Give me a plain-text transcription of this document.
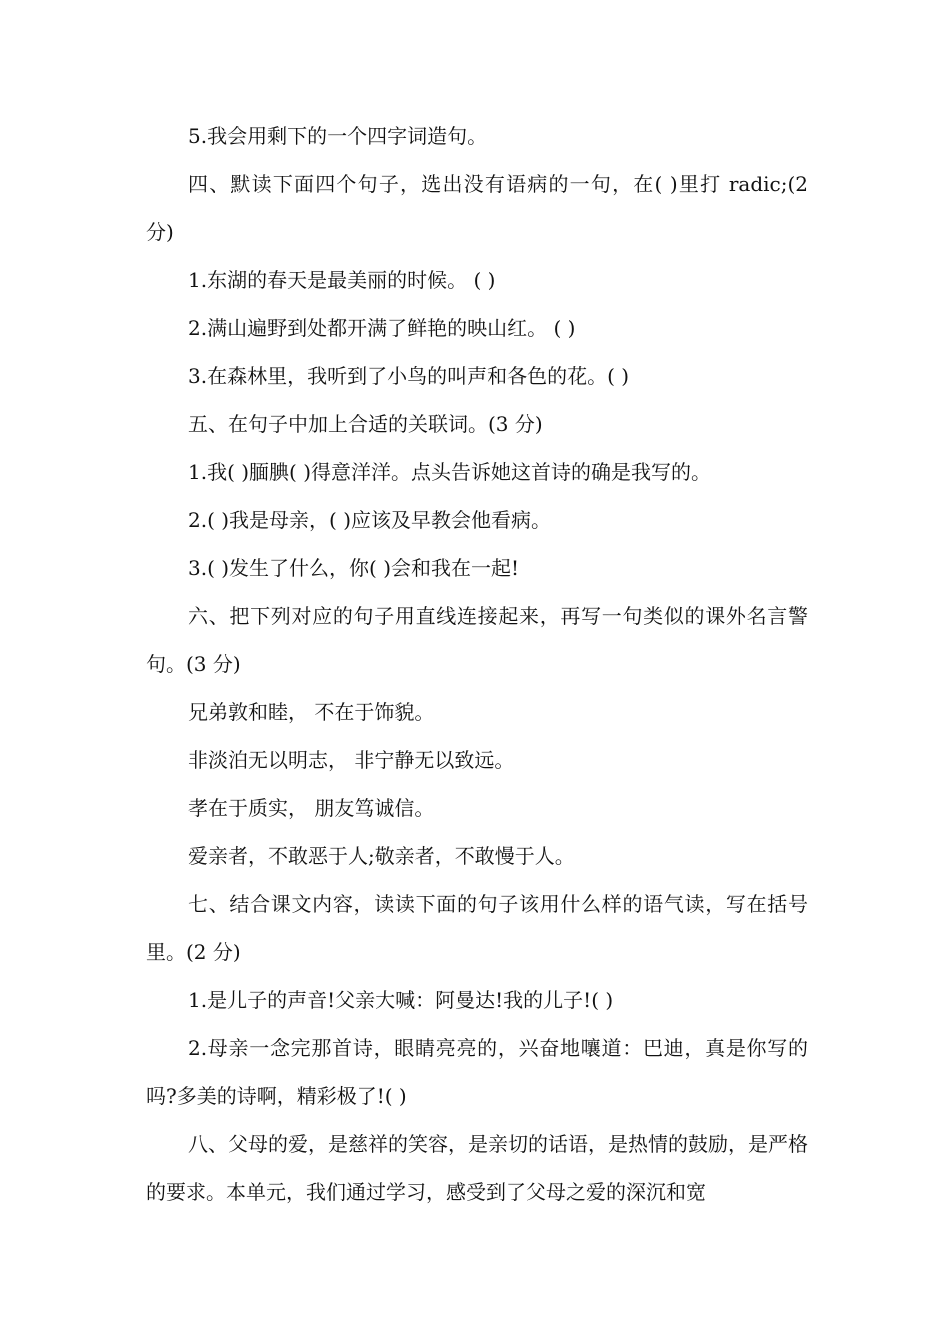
5.我会用剩下的一个四字词造句。

四、默读下面四个句子，选出没有语病的一句，在( )里打 radic;(2 分)

1.东湖的春天是最美丽的时候。 ( )

2.满山遍野到处都开满了鲜艳的映山红。 ( )

3.在森林里，我听到了小鸟的叫声和各色的花。( )

五、在句子中加上合适的关联词。(3 分)

1.我( )腼腆( )得意洋洋。点头告诉她这首诗的确是我写的。

2.( )我是母亲，( )应该及早教会他看病。

3.( )发生了什么，你( )会和我在一起!

六、把下列对应的句子用直线连接起来，再写一句类似的课外名言警句。(3 分)

兄弟敦和睦， 不在于饰貌。

非淡泊无以明志， 非宁静无以致远。

孝在于质实， 朋友笃诚信。

爱亲者，不敢恶于人;敬亲者，不敢慢于人。

七、结合课文内容，读读下面的句子该用什么样的语气读，写在括号里。(2 分)

1.是儿子的声音!父亲大喊：阿曼达!我的儿子!( )

2.母亲一念完那首诗，眼睛亮亮的，兴奋地嚷道：巴迪，真是你写的吗?多美的诗啊，精彩极了!( )

八、父母的爱，是慈祥的笑容，是亲切的话语，是热情的鼓励，是严格的要求。本单元，我们通过学习，感受到了父母之爱的深沉和宽
